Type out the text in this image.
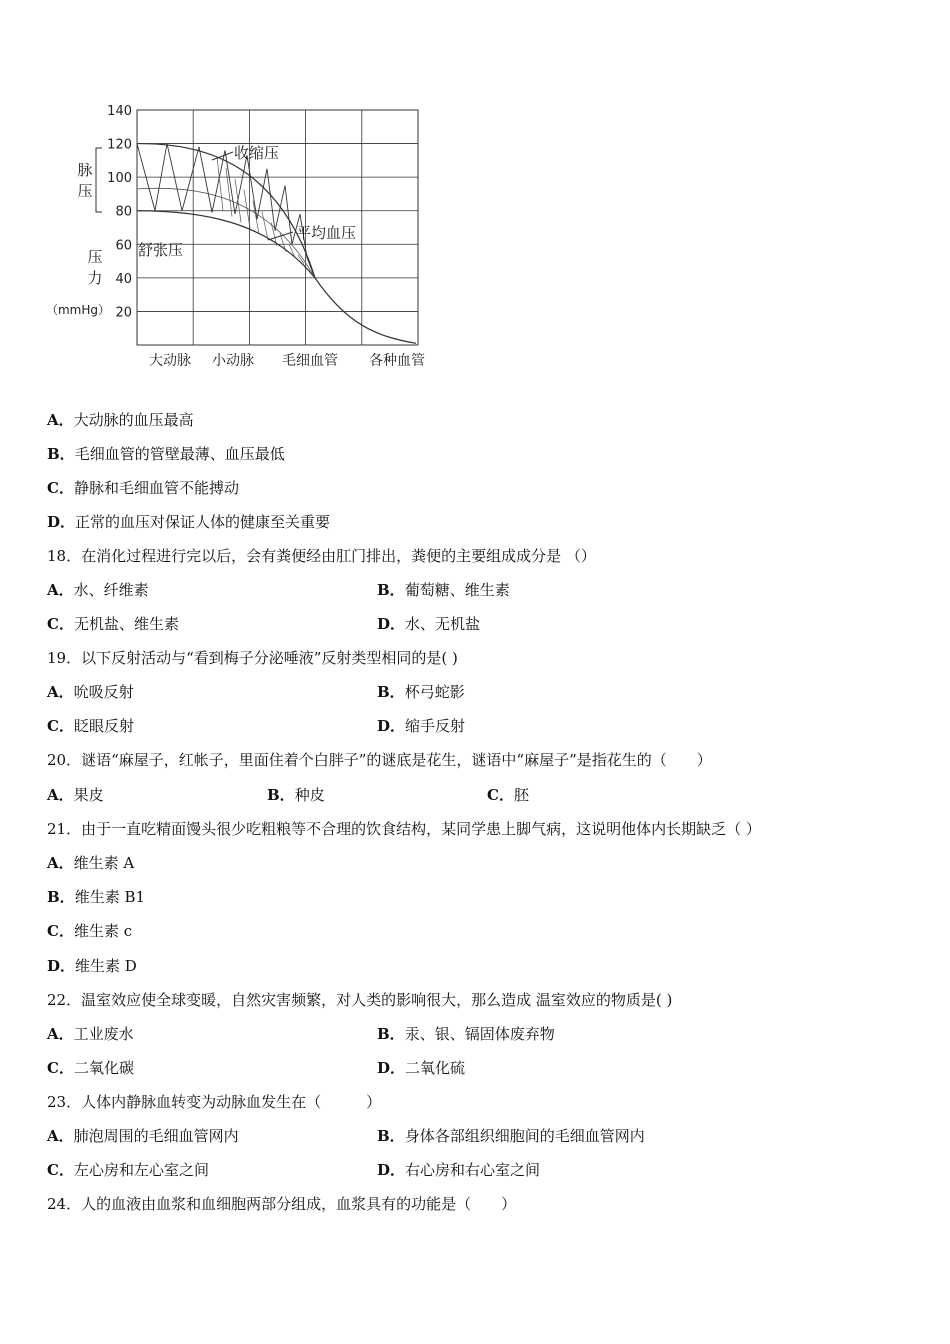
20
40
60
80
100
120
140
大动脉 小动脉 毛细血管 各种血管
脉
压
压
力
（mmHg）
收缩压
平均血压
舒张压
A．大动脉的血压最高
B．毛细血管的管壁最薄、血压最低
C．静脉和毛细血管不能搏动
D．正常的血压对保证人体的健康至关重要
18．在消化过程进行完以后，会有粪便经由肛门排出，粪便的主要组成成分是 （）
A．水、纤维素	B．葡萄糖、维生素
C．无机盐、维生素	D．水、无机盐
19．以下反射活动与“看到梅子分泌唾液”反射类型相同的是( )
A．吮吸反射	B．杯弓蛇影
C．眨眼反射	D．缩手反射
20．谜语“麻屋子，红帐子，里面住着个白胖子”的谜底是花生，谜语中“麻屋子”是指花生的（　　）
A．果皮	B．种皮	C．胚
21．由于一直吃精面馒头很少吃粗粮等不合理的饮食结构，某同学患上脚气病，这说明他体内长期缺乏（ ）
A．维生素 A
B．维生素 B1
C．维生素 c
D．维生素 D
22．温室效应使全球变暖，自然灾害频繁，对人类的影响很大，那么造成 温室效应的物质是( )
A．工业废水	B．汞、银、镉固体废弃物
C．二氧化碳	D．二氧化硫
23．人体内静脉血转变为动脉血发生在（　　　）
A．肺泡周围的毛细血管网内	B．身体各部组织细胞间的毛细血管网内
C．左心房和左心室之间	D．右心房和右心室之间
24．人的血液由血浆和血细胞两部分组成，血浆具有的功能是（　　）
